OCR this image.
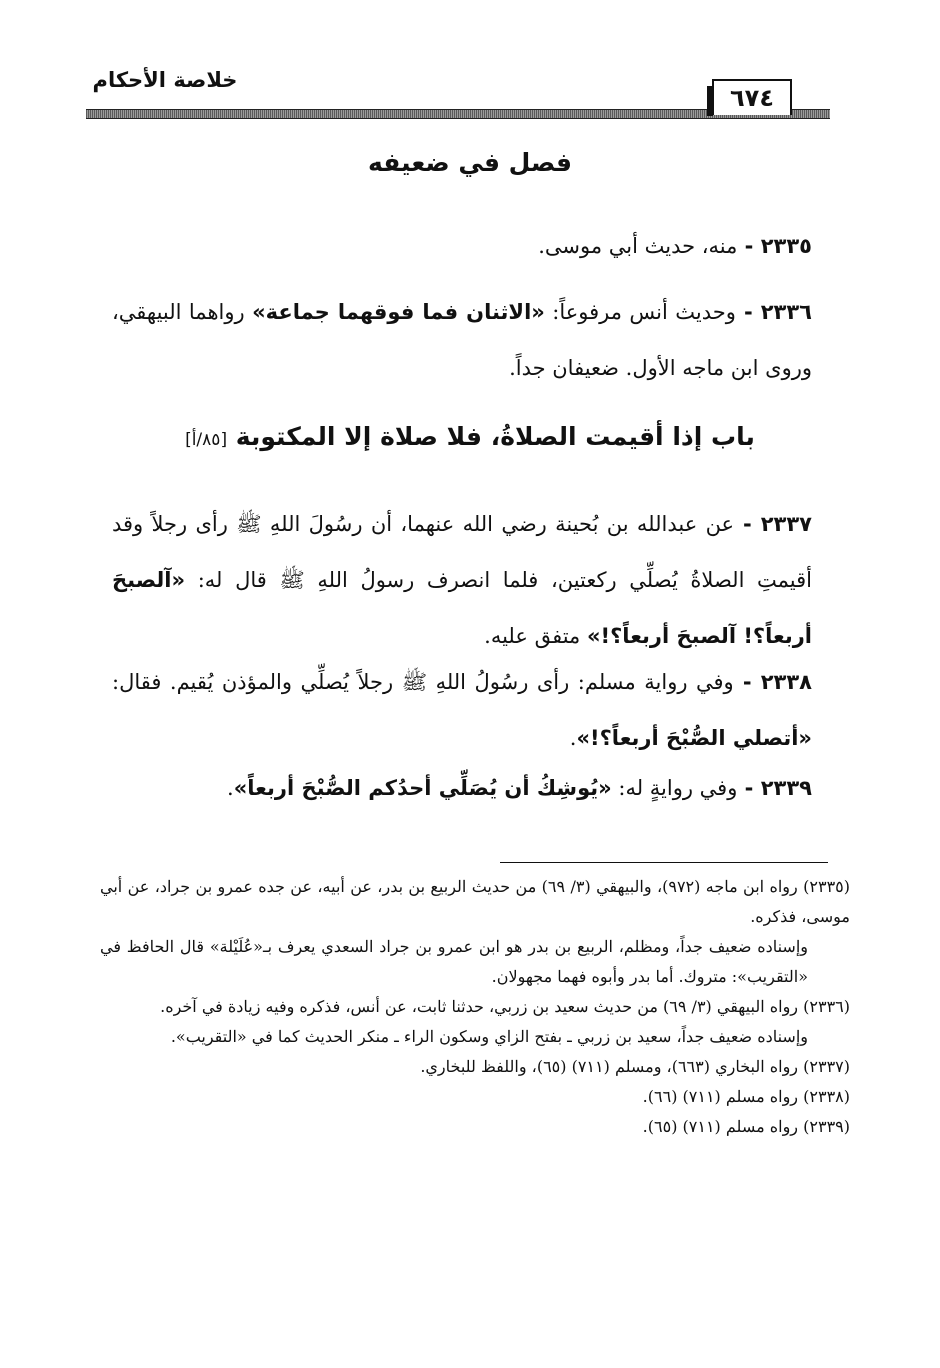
خلاصة الأحكام
٦٧٤
فصل في ضعيفه
٢٣٣٥ - منه، حديث أبي موسى.
٢٣٣٦ - وحديث أنس مرفوعاً: «الاثنان فما فوقهما جماعة» رواهما البيهقي، وروى ابن ماجه الأول. ضعيفان جداً.
باب إذا أقيمت الصلاةُ، فلا صلاة إلا المكتوبة [٨٥/أ]
٢٣٣٧ - عن عبدالله بن بُحينة رضي الله عنهما، أن رسُولَ اللهِ ﷺ رأى رجلاً وقد أقيمتِ الصلاةُ يُصلِّي ركعتين، فلما انصرف رسولُ اللهِ ﷺ قال له: «آلصبحَ أربعاً؟! آلصبحَ أربعاً؟!» متفق عليه.
٢٣٣٨ - وفي رواية مسلم: رأى رسُولُ اللهِ ﷺ رجلاً يُصلِّي والمؤذن يُقيم. فقال: «أتصلي الصُّبْحَ أربعاً؟!».
٢٣٣٩ - وفي روايةٍ له: «يُوشِكُ أن يُصَلِّي أحدُكم الصُّبْحَ أربعاً».

(٢٣٣٥) رواه ابن ماجه (٩٧٢)، والبيهقي (٣/ ٦٩) من حديث الربيع بن بدر، عن أبيه، عن جده عمرو بن جراد، عن أبي موسى، فذكره.

وإسناده ضعيف جداً، ومظلم، الربيع بن بدر هو ابن عمرو بن جراد السعدي يعرف بـ«عُلَيْلة» قال الحافظ في «التقريب»: متروك. أما بدر وأبوه فهما مجهولان.

(٢٣٣٦) رواه البيهقي (٣/ ٦٩) من حديث سعيد بن زربي، حدثنا ثابت، عن أنس، فذكره وفيه زيادة في آخره.

وإسناده ضعيف جداً، سعيد بن زربي ـ بفتح الزاي وسكون الراء ـ منكر الحديث كما في «التقريب».

(٢٣٣٧) رواه البخاري (٦٦٣)، ومسلم (٧١١) (٦٥)، واللفظ للبخاري.

(٢٣٣٨) رواه مسلم (٧١١) (٦٦).

(٢٣٣٩) رواه مسلم (٧١١) (٦٥).
